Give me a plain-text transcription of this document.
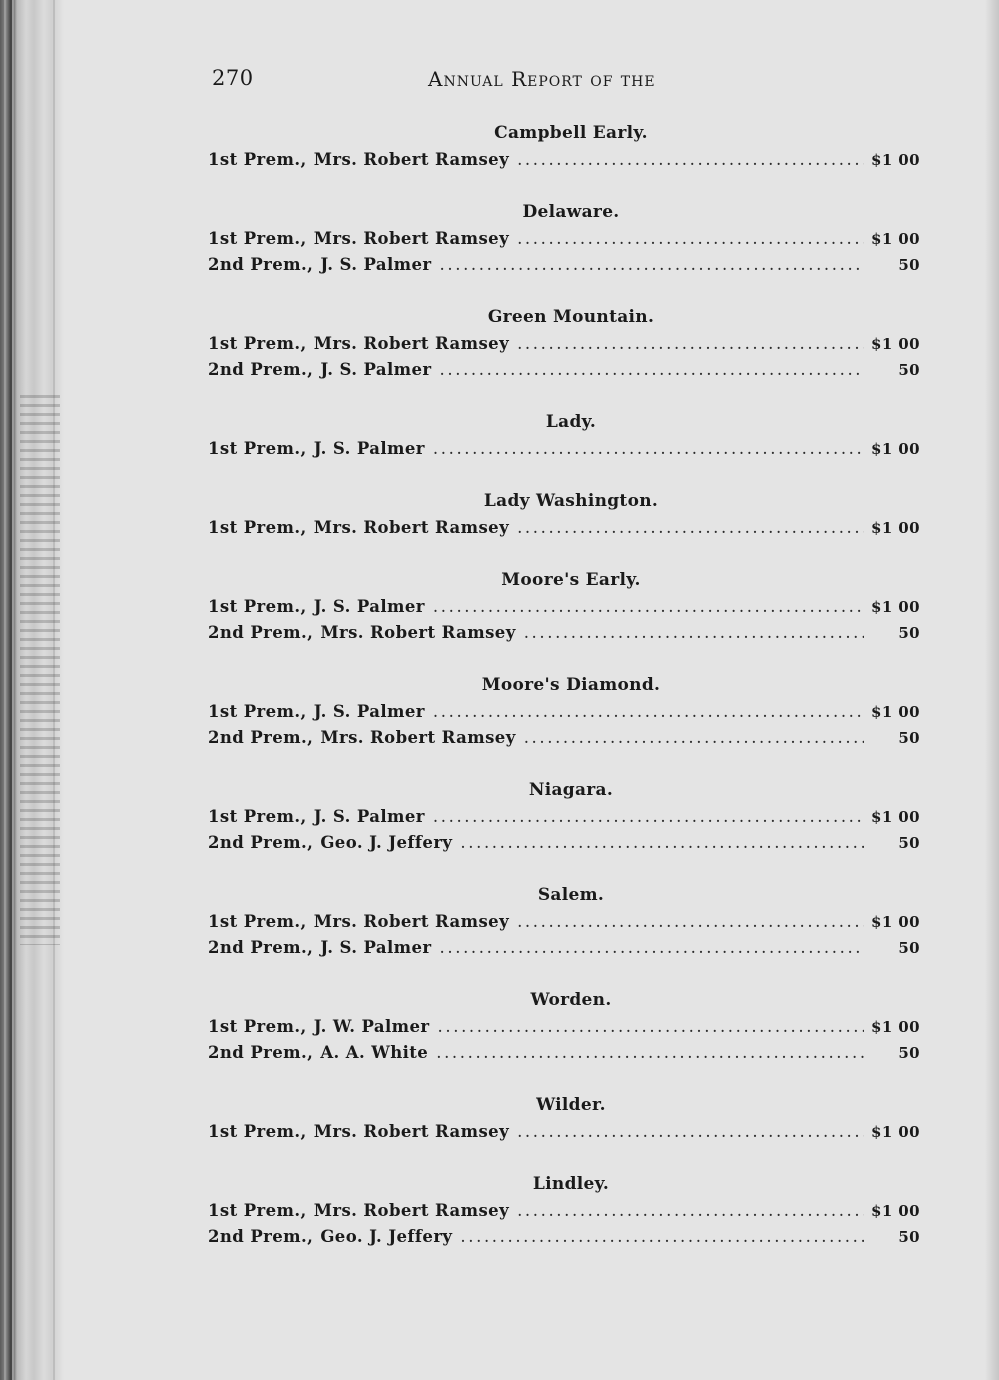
270	Annual Report of the
Campbell Early.
1st Prem., Mrs. Robert Ramsey .....	$1 00
Delaware.
1st Prem., Mrs. Robert Ramsey .....	$1 00
2nd Prem., J. S. Palmer .....	50
Green Mountain.
1st Prem., Mrs. Robert Ramsey .....	$1 00
2nd Prem., J. S. Palmer .....	50
Lady.
1st Prem., J. S. Palmer .....	$1 00
Lady Washington.
1st Prem., Mrs. Robert Ramsey .....	$1 00
Moore's Early.
1st Prem., J. S. Palmer .....	$1 00
2nd Prem., Mrs. Robert Ramsey .....	50
Moore's Diamond.
1st Prem., J. S. Palmer .....	$1 00
2nd Prem., Mrs. Robert Ramsey .....	50
Niagara.
1st Prem., J. S. Palmer .....	$1 00
2nd Prem., Geo. J. Jeffery .....	50
Salem.
1st Prem., Mrs. Robert Ramsey .....	$1 00
2nd Prem., J. S. Palmer .....	50
Worden.
1st Prem., J. W. Palmer .....	$1 00
2nd Prem., A. A. White .....	50
Wilder.
1st Prem., Mrs. Robert Ramsey .....	$1 00
Lindley.
1st Prem., Mrs. Robert Ramsey .....	$1 00
2nd Prem., Geo. J. Jeffery .....	50
